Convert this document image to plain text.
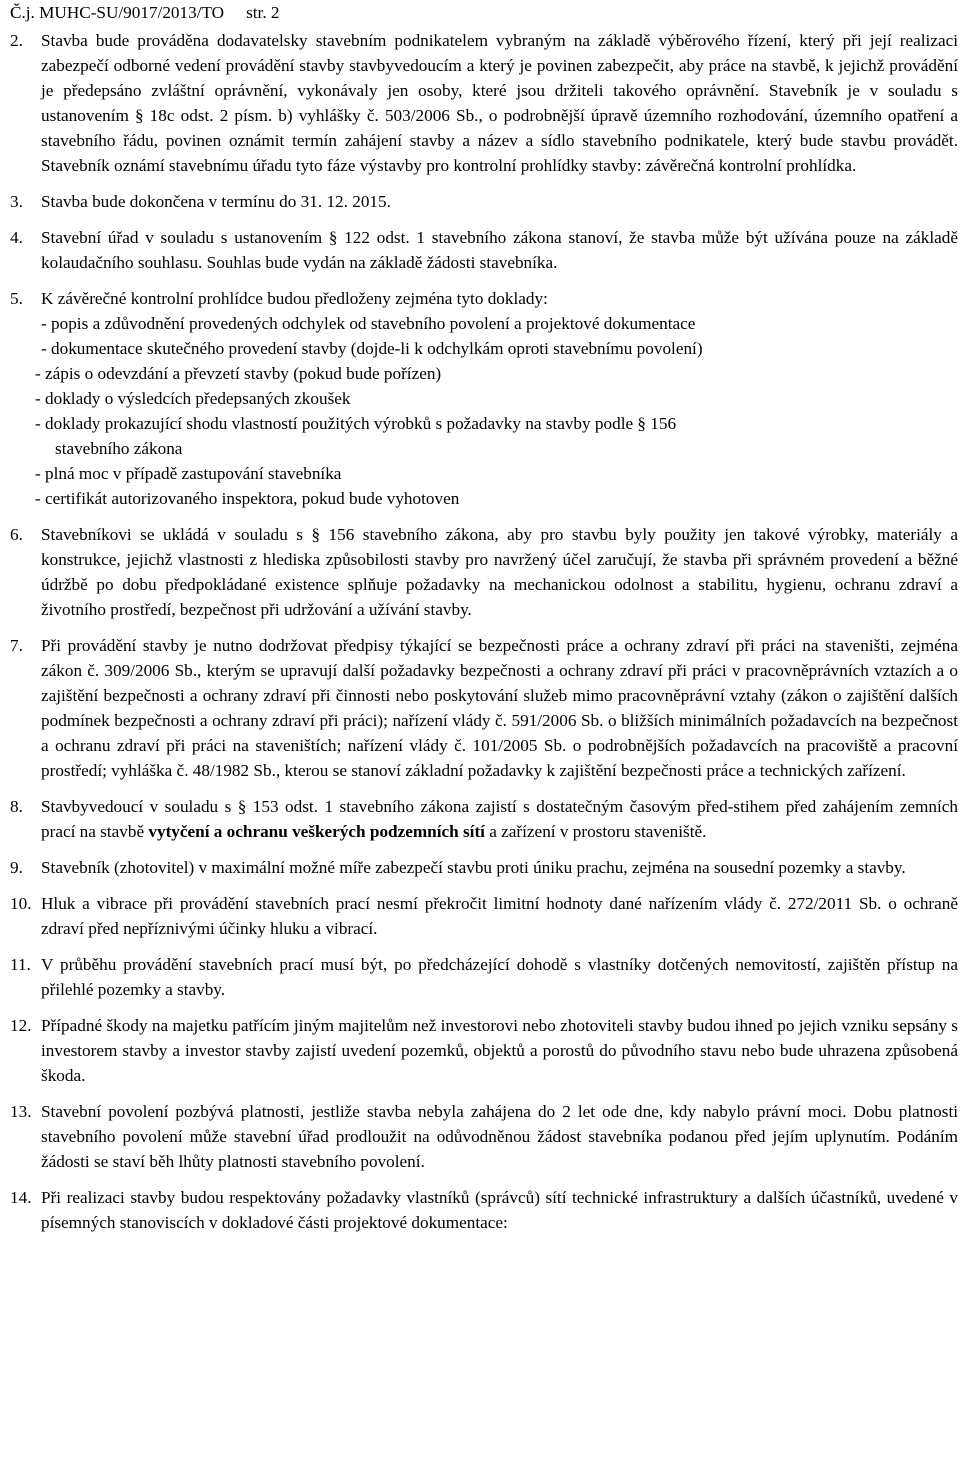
Č.j. MUHC-SU/9017/2013/TO str. 2
2. Stavba bude prováděna dodavatelsky stavebním podnikatelem vybraným na základě výběrového řízení, který při její realizaci zabezpečí odborné vedení provádění stavby stavbyvedoucím a který je povinen zabezpečit, aby práce na stavbě, k jejichž provádění je předepsáno zvláštní oprávnění, vykonávaly jen osoby, které jsou držiteli takového oprávnění. Stavebník je v souladu s ustanovením § 18c odst. 2 písm. b) vyhlášky č. 503/2006 Sb., o podrobnější úpravě územního rozhodování, územního opatření a stavebního řádu, povinen oznámit termín zahájení stavby a název a sídlo stavebního podnikatele, který bude stavbu provádět. Stavebník oznámí stavebnímu úřadu tyto fáze výstavby pro kontrolní prohlídky stavby: závěrečná kontrolní prohlídka.
3. Stavba bude dokončena v termínu do 31. 12. 2015.
4. Stavební úřad v souladu s ustanovením § 122 odst. 1 stavebního zákona stanoví, že stavba může být užívána pouze na základě kolaudačního souhlasu. Souhlas bude vydán na základě žádosti stavebníka.
5. K závěrečné kontrolní prohlídce budou předloženy zejména tyto doklady:
- popis a zdůvodnění provedených odchylek od stavebního povolení a projektové dokumentace
- dokumentace skutečného provedení stavby (dojde-li k odchylkám oproti stavebnímu povolení)
- zápis o odevzdání a převzetí stavby (pokud bude pořízen)
- doklady o výsledcích předepsaných zkoušek
- doklady prokazující shodu vlastností použitých výrobků s požadavky na stavby podle § 156
stavebního zákona
- plná moc v případě zastupování stavebníka
- certifikát autorizovaného inspektora, pokud bude vyhotoven
6. Stavebníkovi se ukládá v souladu s § 156 stavebního zákona, aby pro stavbu byly použity jen takové výrobky, materiály a konstrukce, jejichž vlastnosti z hlediska způsobilosti stavby pro navržený účel zaručují, že stavba při správném provedení a běžné údržbě po dobu předpokládané existence splňuje požadavky na mechanickou odolnost a stabilitu, hygienu, ochranu zdraví a životního prostředí, bezpečnost při udržování a užívání stavby.
7. Při provádění stavby je nutno dodržovat předpisy týkající se bezpečnosti práce a ochrany zdraví při práci na staveništi, zejména zákon č. 309/2006 Sb., kterým se upravují další požadavky bezpečnosti a ochrany zdraví při práci v pracovněprávních vztazích a o zajištění bezpečnosti a ochrany zdraví při činnosti nebo poskytování služeb mimo pracovněprávní vztahy (zákon o zajištění dalších podmínek bezpečnosti a ochrany zdraví při práci); nařízení vlády č. 591/2006 Sb. o bližších minimálních požadavcích na bezpečnost a ochranu zdraví při práci na staveništích; nařízení vlády č. 101/2005 Sb. o podrobnějších požadavcích na pracoviště a pracovní prostředí; vyhláška č. 48/1982 Sb., kterou se stanoví základní požadavky k zajištění bezpečnosti práce a technických zařízení.
8. Stavbyvedoucí v souladu s § 153 odst. 1 stavebního zákona zajistí s dostatečným časovým před-stihem před zahájením zemních prací na stavbě vytyčení a ochranu veškerých podzemních sítí a zařízení v prostoru staveniště.
9. Stavebník (zhotovitel) v maximální možné míře zabezpečí stavbu proti úniku prachu, zejména na sousední pozemky a stavby.
10. Hluk a vibrace při provádění stavebních prací nesmí překročit limitní hodnoty dané nařízením vlády č. 272/2011 Sb. o ochraně zdraví před nepříznivými účinky hluku a vibrací.
11. V průběhu provádění stavebních prací musí být, po předcházející dohodě s vlastníky dotčených nemovitostí, zajištěn přístup na přilehlé pozemky a stavby.
12. Případné škody na majetku patřícím jiným majitelům než investorovi nebo zhotoviteli stavby budou ihned po jejich vzniku sepsány s investorem stavby a investor stavby zajistí uvedení pozemků, objektů a porostů do původního stavu nebo bude uhrazena způsobená škoda.
13. Stavební povolení pozbývá platnosti, jestliže stavba nebyla zahájena do 2 let ode dne, kdy nabylo právní moci. Dobu platnosti stavebního povolení může stavební úřad prodloužit na odůvodněnou žádost stavebníka podanou před jejím uplynutím. Podáním žádosti se staví běh lhůty platnosti stavebního povolení.
14. Při realizaci stavby budou respektovány požadavky vlastníků (správců) sítí technické infrastruktury a dalších účastníků, uvedené v písemných stanoviscích v dokladové části projektové dokumentace:
